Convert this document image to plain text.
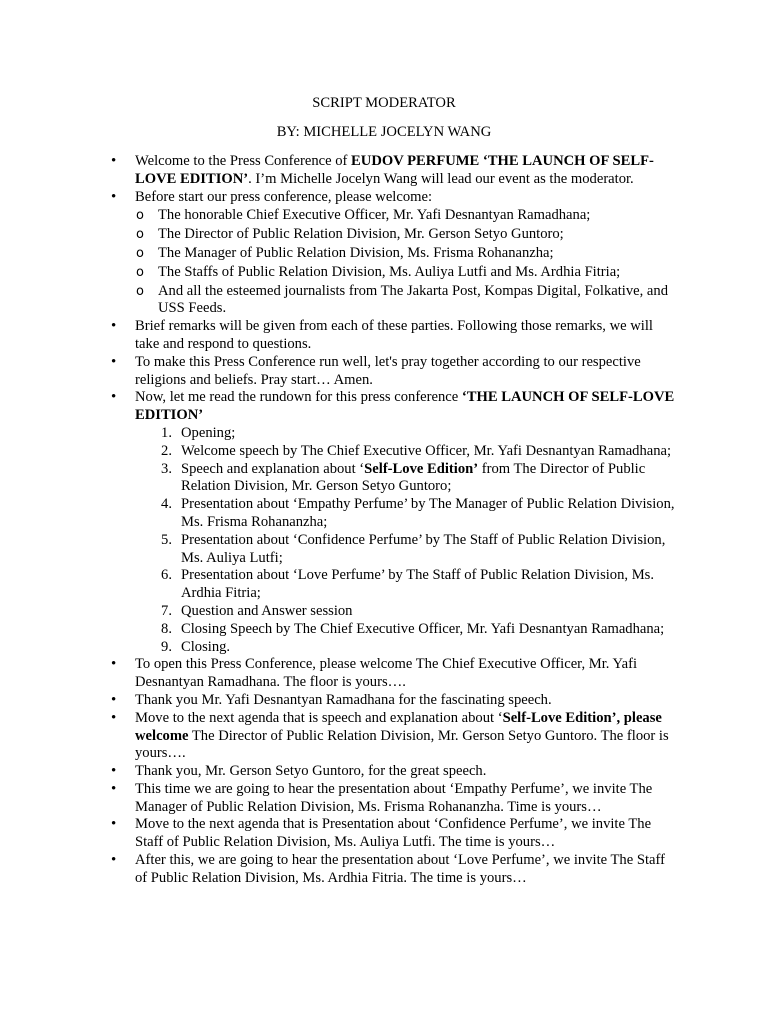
SCRIPT MODERATOR
BY: MICHELLE JOCELYN WANG
• Welcome to the Press Conference of EUDOV PERFUME ‘THE LAUNCH OF SELF-LOVE EDITION’. I’m Michelle Jocelyn Wang will lead our event as the moderator.
• Before start our press conference, please welcome:
o The honorable Chief Executive Officer, Mr. Yafi Desnantyan Ramadhana;
o The Director of Public Relation Division, Mr. Gerson Setyo Guntoro;
o The Manager of Public Relation Division, Ms. Frisma Rohananzha;
o The Staffs of Public Relation Division, Ms. Auliya Lutfi and Ms. Ardhia Fitria;
o And all the esteemed journalists from The Jakarta Post, Kompas Digital, Folkative, and USS Feeds.
• Brief remarks will be given from each of these parties. Following those remarks, we will take and respond to questions.
• To make this Press Conference run well, let's pray together according to our respective religions and beliefs. Pray start… Amen.
• Now, let me read the rundown for this press conference ‘THE LAUNCH OF SELF-LOVE EDITION’
1. Opening;
2. Welcome speech by The Chief Executive Officer, Mr. Yafi Desnantyan Ramadhana;
3. Speech and explanation about ‘Self-Love Edition’ from The Director of Public Relation Division, Mr. Gerson Setyo Guntoro;
4. Presentation about ‘Empathy Perfume’ by The Manager of Public Relation Division, Ms. Frisma Rohananzha;
5. Presentation about ‘Confidence Perfume’ by The Staff of Public Relation Division, Ms. Auliya Lutfi;
6. Presentation about ‘Love Perfume’ by The Staff of Public Relation Division, Ms. Ardhia Fitria;
7. Question and Answer session
8. Closing Speech by The Chief Executive Officer, Mr. Yafi Desnantyan Ramadhana;
9. Closing.
• To open this Press Conference, please welcome The Chief Executive Officer, Mr. Yafi Desnantyan Ramadhana. The floor is yours….
• Thank you Mr. Yafi Desnantyan Ramadhana for the fascinating speech.
• Move to the next agenda that is speech and explanation about ‘Self-Love Edition’, please welcome The Director of Public Relation Division, Mr. Gerson Setyo Guntoro. The floor is yours….
• Thank you, Mr. Gerson Setyo Guntoro, for the great speech.
• This time we are going to hear the presentation about ‘Empathy Perfume’, we invite The Manager of Public Relation Division, Ms. Frisma Rohananzha. Time is yours…
• Move to the next agenda that is Presentation about ‘Confidence Perfume’, we invite The Staff of Public Relation Division, Ms. Auliya Lutfi. The time is yours…
• After this, we are going to hear the presentation about ‘Love Perfume’, we invite The Staff of Public Relation Division, Ms. Ardhia Fitria. The time is yours…
